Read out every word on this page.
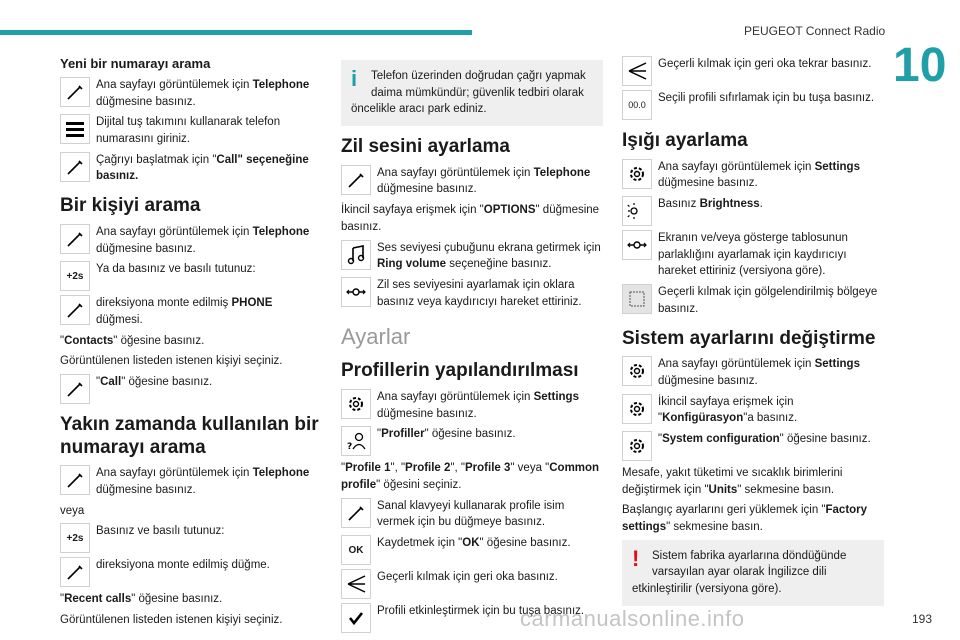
PEUGEOT Connect Radio
10
193
carmanualsonline.info
Yeni bir numarayı arama
Ana sayfayı görüntülemek için Telephone düğmesine basınız.
Dijital tuş takımını kullanarak telefon numarasını giriniz.
Çağrıyı başlatmak için "Call" seçeneğine basınız.
Bir kişiyi arama
Ana sayfayı görüntülemek için Telephone düğmesine basınız.
+2s
Ya da basınız ve basılı tutunuz:
direksiyona monte edilmiş PHONE düğmesi.
"Contacts" öğesine basınız.
Görüntülenen listeden istenen kişiyi seçiniz.
"Call" öğesine basınız.
Yakın zamanda kullanılan bir numarayı arama
Ana sayfayı görüntülemek için Telephone düğmesine basınız.
veya
+2s
Basınız ve basılı tutunuz:
direksiyona monte edilmiş düğme.
"Recent calls" öğesine basınız.
Görüntülenen listeden istenen kişiyi seçiniz.
i	Telefon üzerinden doğrudan çağrı yapmak daima mümkündür; güvenlik tedbiri olarak öncelikle aracı park ediniz.
Zil sesini ayarlama
Ana sayfayı görüntülemek için Telephone düğmesine basınız.
İkincil sayfaya erişmek için "OPTIONS" düğmesine basınız.
Ses seviyesi çubuğunu ekrana getirmek için Ring volume seçeneğine basınız.
Zil ses seviyesini ayarlamak için oklara basınız veya kaydırıcıyı hareket ettiriniz.
Ayarlar
Profillerin yapılandırılması
Ana sayfayı görüntülemek için Settings düğmesine basınız.
?
"Profiller" öğesine basınız.
"Profile 1", "Profile 2", "Profile 3" veya "Common profile" öğesini seçiniz.
Sanal klavyeyi kullanarak profile isim vermek için bu düğmeye basınız.
OK
Kaydetmek için "OK" öğesine basınız.
Geçerli kılmak için geri oka basınız.
Profili etkinleştirmek için bu tuşa basınız.
Geçerli kılmak için geri oka tekrar basınız.
00.0
Seçili profili sıfırlamak için bu tuşa basınız.
Işığı ayarlama
Ana sayfayı görüntülemek için Settings düğmesine basınız.
Basınız Brightness.
Ekranın ve/veya gösterge tablosunun parlaklığını ayarlamak için kaydırıcıyı hareket ettiriniz (versiyona göre).
Geçerli kılmak için gölgelendirilmiş bölgeye basınız.
Sistem ayarlarını değiştirme
Ana sayfayı görüntülemek için Settings düğmesine basınız.
İkincil sayfaya erişmek için "Konfigürasyon"a basınız.
"System configuration" öğesine basınız.
Mesafe, yakıt tüketimi ve sıcaklık birimlerini değiştirmek için "Units" sekmesine basın.
Başlangıç ayarlarını geri yüklemek için "Factory settings" sekmesine basın.
!	Sistem fabrika ayarlarına döndüğünde varsayılan ayar olarak İngilizce dili etkinleştirilir (versiyona göre).
